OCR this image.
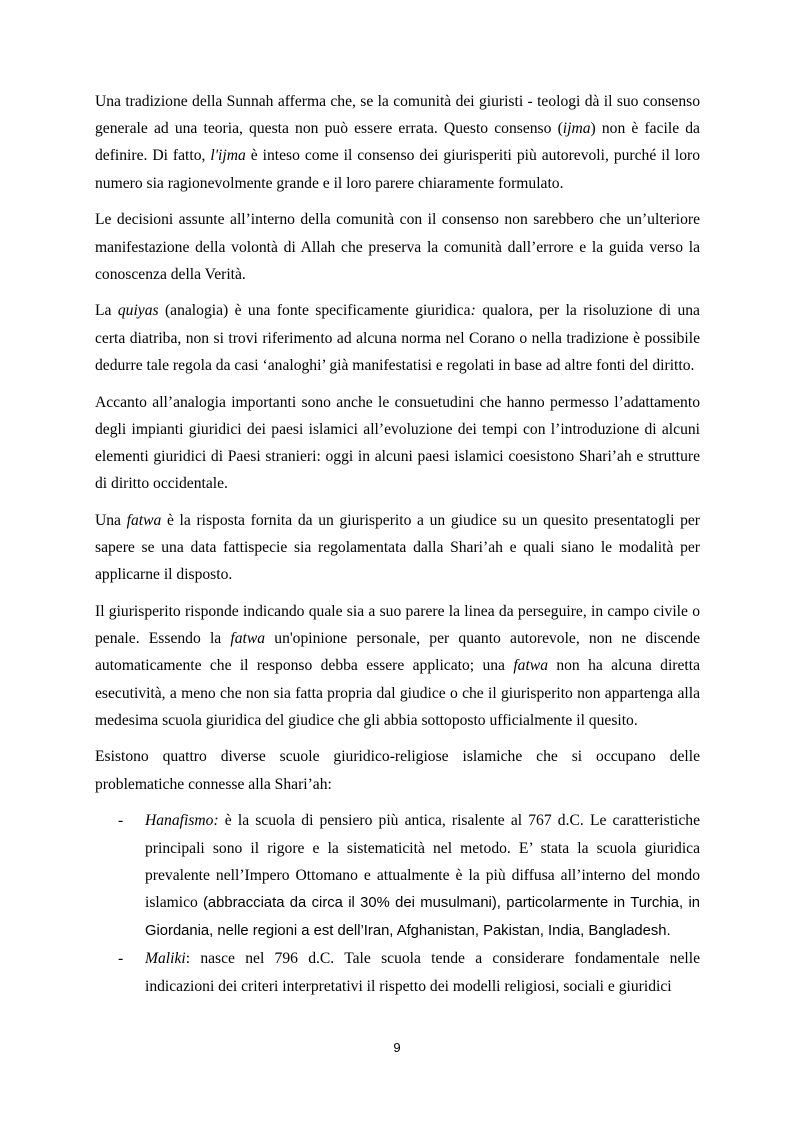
Una tradizione della Sunnah afferma che, se la comunità dei giuristi - teologi dà il suo consenso generale ad una teoria, questa non può essere errata. Questo consenso (ijma) non è facile da definire. Di fatto, l'ijma è inteso come il consenso dei giurisperiti più autorevoli, purché il loro numero sia ragionevolmente grande e il loro parere chiaramente formulato.

Le decisioni assunte all’interno della comunità con il consenso non sarebbero che un’ulteriore manifestazione della volontà di Allah che preserva la comunità dall’errore e la guida verso la conoscenza della Verità.

La quiyas (analogia) è una fonte specificamente giuridica: qualora, per la risoluzione di una certa diatriba, non si trovi riferimento ad alcuna norma nel Corano o nella tradizione è possibile dedurre tale regola da casi ‘analoghi’ già manifestatisi e regolati in base ad altre fonti del diritto.

Accanto all’analogia importanti sono anche le consuetudini che hanno permesso l’adattamento degli impianti giuridici dei paesi islamici all’evoluzione dei tempi con l’introduzione di alcuni elementi giuridici di Paesi stranieri: oggi in alcuni paesi islamici coesistono Shari’ah e strutture di diritto occidentale.

Una fatwa è la risposta fornita da un giurisperito a un giudice su un quesito presentatogli per sapere se una data fattispecie sia regolamentata dalla Shari’ah e quali siano le modalità per applicarne il disposto.

Il giurisperito risponde indicando quale sia a suo parere la linea da perseguire, in campo civile o penale. Essendo la fatwa un'opinione personale, per quanto autorevole, non ne discende automaticamente che il responso debba essere applicato; una fatwa non ha alcuna diretta esecutività, a meno che non sia fatta propria dal giudice o che il giurisperito non appartenga alla medesima scuola giuridica del giudice che gli abbia sottoposto ufficialmente il quesito.

Esistono quattro diverse scuole giuridico-religiose islamiche che si occupano delle problematiche connesse alla Shari’ah:

- Hanafismo: è la scuola di pensiero più antica, risalente al 767 d.C. Le caratteristiche principali sono il rigore e la sistematicità nel metodo. E’ stata la scuola giuridica prevalente nell’Impero Ottomano e attualmente è la più diffusa all’interno del mondo islamico (abbracciata da circa il 30% dei musulmani), particolarmente in Turchia, in Giordania, nelle regioni a est dell’Iran, Afghanistan, Pakistan, India, Bangladesh.
- Maliki: nasce nel 796 d.C. Tale scuola tende a considerare fondamentale nelle indicazioni dei criteri interpretativi il rispetto dei modelli religiosi, sociali e giuridici
9
